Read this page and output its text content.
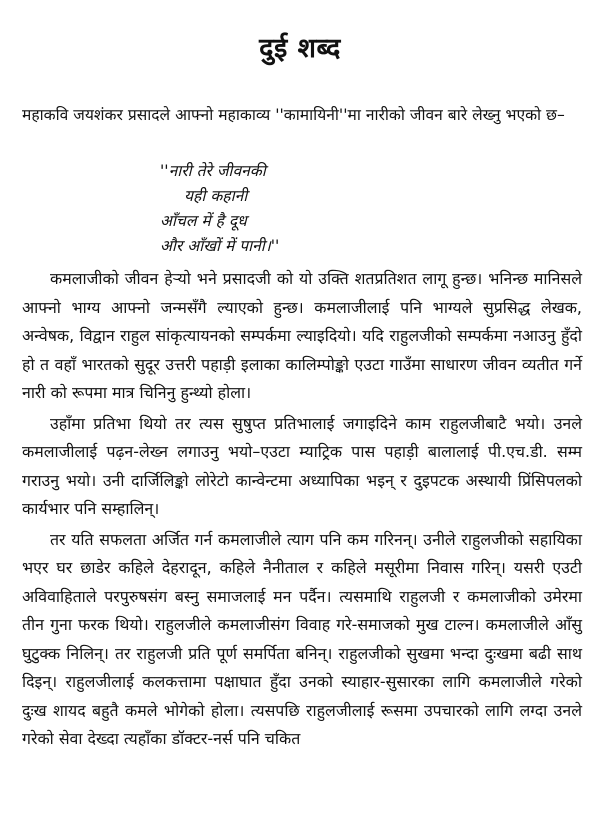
दुई शब्द

महाकवि जयशंकर प्रसादले आफ्नो महाकाव्य ''कामायिनी''मा नारीको जीवन बारे लेख्नु भएको छ–

''नारी तेरे जीवनकी
यही कहानी
आँचल में है दूध
और आँखों में पानी।''

कमलाजीको जीवन हेऱ्यो भने प्रसादजी को यो उक्ति शतप्रतिशत लागू हुन्छ। भनिन्छ मानिसले आफ्नो भाग्य आफ्नो जन्मसँगै ल्याएको हुन्छ। कमलाजीलाई पनि भाग्यले सुप्रसिद्ध लेखक, अन्वेषक, विद्वान राहुल सांकृत्यायनको सम्पर्कमा ल्याइदियो। यदि राहुलजीको सम्पर्कमा नआउनु हुँदो हो त वहाँ भारतको सुदूर उत्तरी पहाड़ी इलाका कालिम्पोङ्को एउटा गाउँमा साधारण जीवन व्यतीत गर्ने नारी को रूपमा मात्र चिनिनु हुन्थ्यो होला।

उहाँमा प्रतिभा थियो तर त्यस सुषुप्त प्रतिभालाई जगाइदिने काम राहुलजीबाटै भयो। उनले कमलाजीलाई पढ़न-लेख्न लगाउनु भयो–एउटा म्याट्रिक पास पहाड़ी बालालाई पी.एच.डी. सम्म गराउनु भयो। उनी दार्जिलिङ्को लोरेटो कान्वेन्टमा अध्यापिका भइन् र दुइपटक अस्थायी प्रिंसिपलको कार्यभार पनि सम्हालिन्।

तर यति सफलता अर्जित गर्न कमलाजीले त्याग पनि कम गरिनन्। उनीले राहुलजीको सहायिका भएर घर छाडेर कहिले देहरादून, कहिले नैनीताल र कहिले मसूरीमा निवास गरिन्। यसरी एउटी अविवाहिताले परपुरुषसंग बस्नु समाजलाई मन पर्दैन। त्यसमाथि राहुलजी र कमलाजीको उमेरमा तीन गुना फरक थियो। राहुलजीले कमलाजीसंग विवाह गरे-समाजको मुख टाल्न। कमलाजीले आँसु घुटुक्क निलिन्। तर राहुलजी प्रति पूर्ण समर्पिता बनिन्। राहुलजीको सुखमा भन्दा दुःखमा बढी साथ दिइन्। राहुलजीलाई कलकत्तामा पक्षाघात हुँदा उनको स्याहार-सुसारका लागि कमलाजीले गरेको दुःख शायद बहुतै कमले भोगेको होला। त्यसपछि राहुलजीलाई रूसमा उपचारको लागि लग्दा उनले गरेको सेवा देख्दा त्यहाँका डॉक्टर-नर्स पनि चकित
